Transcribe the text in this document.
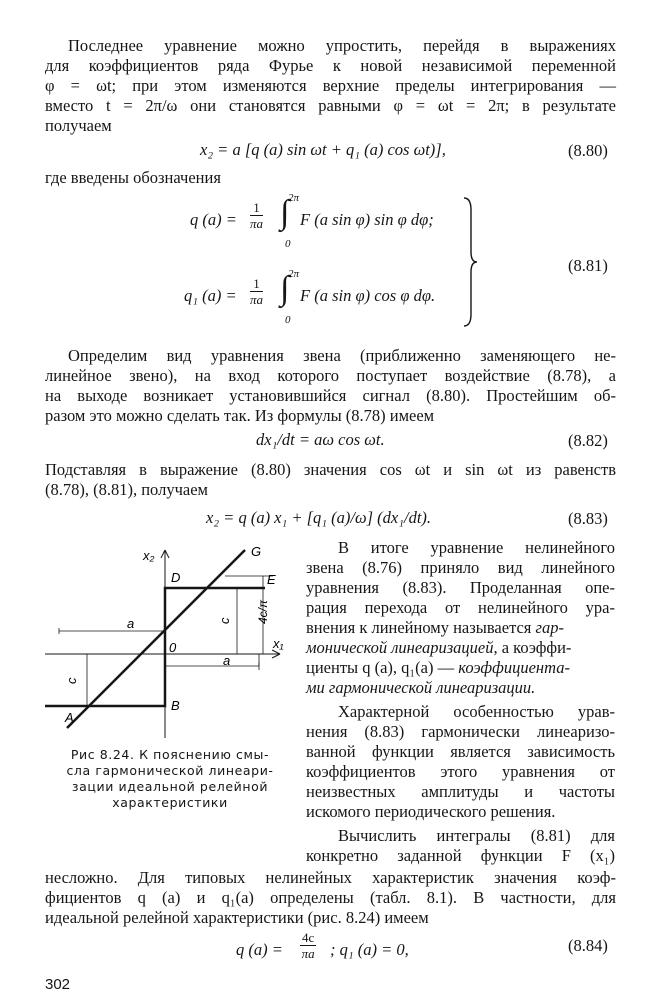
Последнее уравнение можно упростить, перейдя в выражениях
для коэффициентов ряда Фурье к новой независимой переменной
φ = ωt; при этом изменяются верхние пределы интегрирования —
вместо t = 2π/ω они становятся равными φ = ωt = 2π; в результате
получаем
x₂ = a [q (a) sin ωt + q₁ (a) cos ωt)],	(8.80)
где введены обозначения
q $(a) = \frac{1}{\pi a}$ ∫
2π
0
F (a sin φ) sin φ dφ;
q₁ $(a) = \frac{1}{\pi a}$ ∫
2π
0
F (a sin φ) cos φ dφ.
(8.81)
Определим вид уравнения звена (приближенно заменяющего не-
линейное звено), на вход которого поступает воздействие (8.78), а
на выходе возникает установившийся сигнал (8.80). Простейшим об-
разом это можно сделать так. Из формулы (8.78) имеем
dx₁/dt = aω cos ωt.	(8.82)
Подставляя в выражение (8.80) значения cos ωt и sin ωt из равенств
(8.78), (8.81), получаем
x₂ = q (a) x₁ + [q₁ (a)/ω] (dx₁/dt).	(8.83)
x₂
x₁
G
D	E
0
A
B
a
a
c
c 4c/π
Рис 8.24. К пояснению смы-
сла гармонической линеари-
зации идеальной релейной
характеристики
В итоге уравнение нелинейного
звена (8.76) приняло вид линейного
уравнения (8.83). Проделанная опе-
рация перехода от нелинейного ура-
внения к линейному называется гар-
монической линеаризацией, а коэффи-
циенты q (a), q₁(a) — коэффициента-
ми гармонической линеаризации.
Характерной особенностью урав-
нения (8.83) гармонически линеаризо-
ванной функции является зависимость
коэффициентов этого уравнения от
неизвестных амплитуды и частоты
искомого периодического решения.
Вычислить интегралы (8.81) для
конкретно заданной функции F (x₁)
несложно. Для типовых нелинейных характеристик значения коэф-
фициентов q (a) и q₁(a) определены (табл. 8.1). В частности, для
идеальной релейной характеристики (рис. 8.24) имеем
q $(a) = \frac{4c}{\pi a}$ ; q₁ (a) = 0,	(8.84)
302
